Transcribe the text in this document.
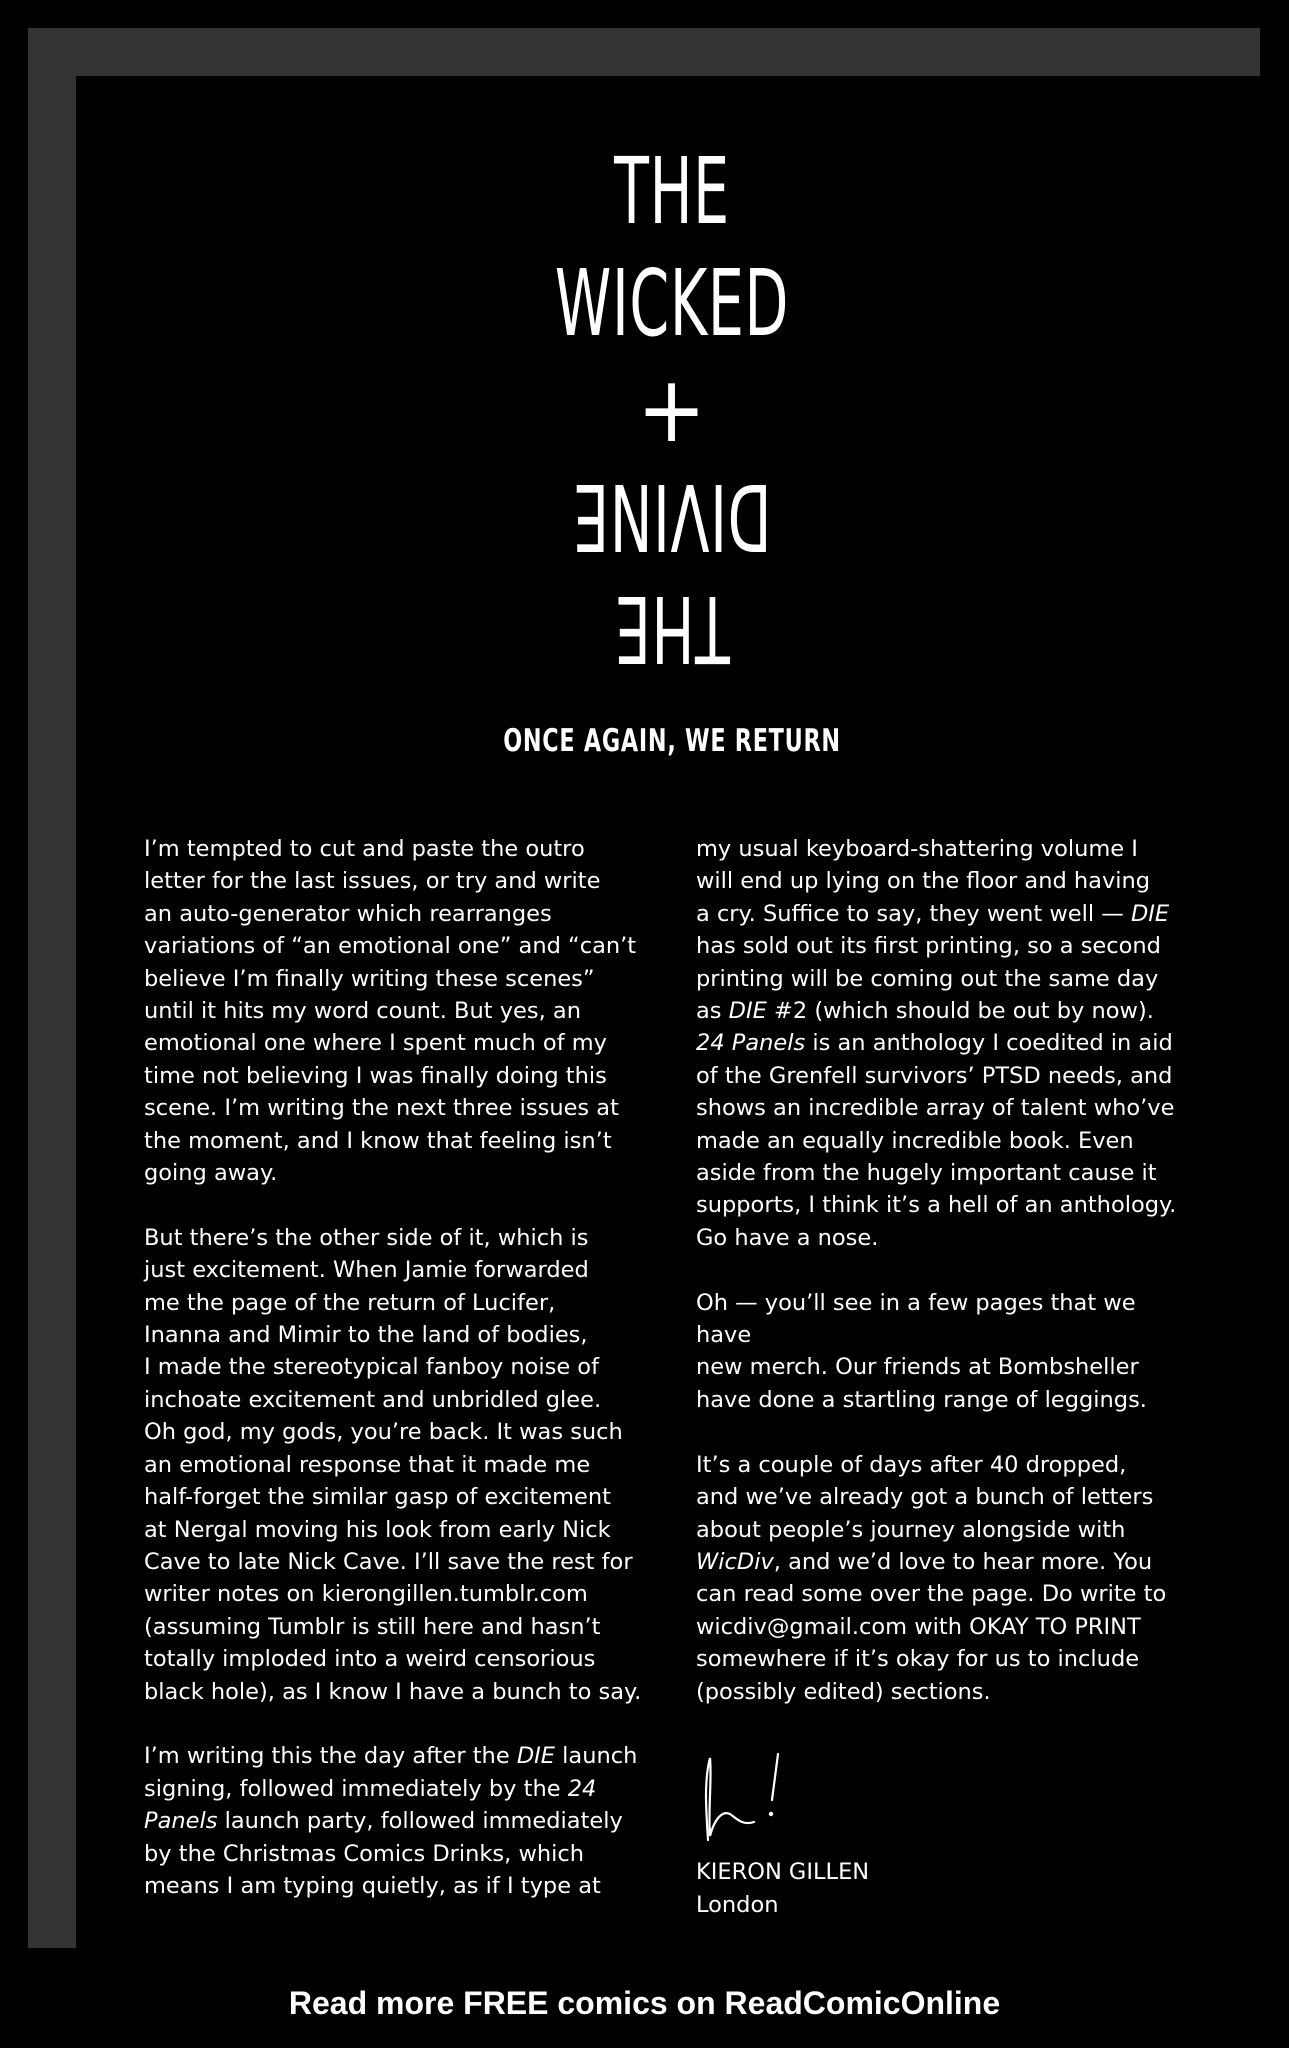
THE
WICKED
+
DIVINE
THE
ONCE AGAIN, WE RETURN

I’m tempted to cut and paste the outro
letter for the last issues, or try and write
an auto-generator which rearranges
variations of “an emotional one” and “can’t
believe I’m finally writing these scenes”
until it hits my word count. But yes, an
emotional one where I spent much of my
time not believing I was finally doing this
scene. I’m writing the next three issues at
the moment, and I know that feeling isn’t
going away.

But there’s the other side of it, which is
just excitement. When Jamie forwarded
me the page of the return of Lucifer,
Inanna and Mimir to the land of bodies,
I made the stereotypical fanboy noise of
inchoate excitement and unbridled glee.
Oh god, my gods, you’re back. It was such
an emotional response that it made me
half-forget the similar gasp of excitement
at Nergal moving his look from early Nick
Cave to late Nick Cave. I’ll save the rest for
writer notes on kierongillen.tumblr.com
(assuming Tumblr is still here and hasn’t
totally imploded into a weird censorious
black hole), as I know I have a bunch to say.

I’m writing this the day after the DIE launch
signing, followed immediately by the 24
Panels launch party, followed immediately
by the Christmas Comics Drinks, which
means I am typing quietly, as if I type at

my usual keyboard-shattering volume I
will end up lying on the floor and having
a cry. Suffice to say, they went well — DIE
has sold out its first printing, so a second
printing will be coming out the same day
as DIE #2 (which should be out by now).
24 Panels is an anthology I coedited in aid
of the Grenfell survivors’ PTSD needs, and
shows an incredible array of talent who’ve
made an equally incredible book. Even
aside from the hugely important cause it
supports, I think it’s a hell of an anthology.
Go have a nose.

Oh — you’ll see in a few pages that we have
new merch. Our friends at Bombsheller
have done a startling range of leggings.

It’s a couple of days after 40 dropped,
and we’ve already got a bunch of letters
about people’s journey alongside with
WicDiv, and we’d love to hear more. You
can read some over the page. Do write to
wicdiv@gmail.com with OKAY TO PRINT
somewhere if it’s okay for us to include
(possibly edited) sections.

KIERON GILLEN
London
Read more FREE comics on ReadComicOnline
